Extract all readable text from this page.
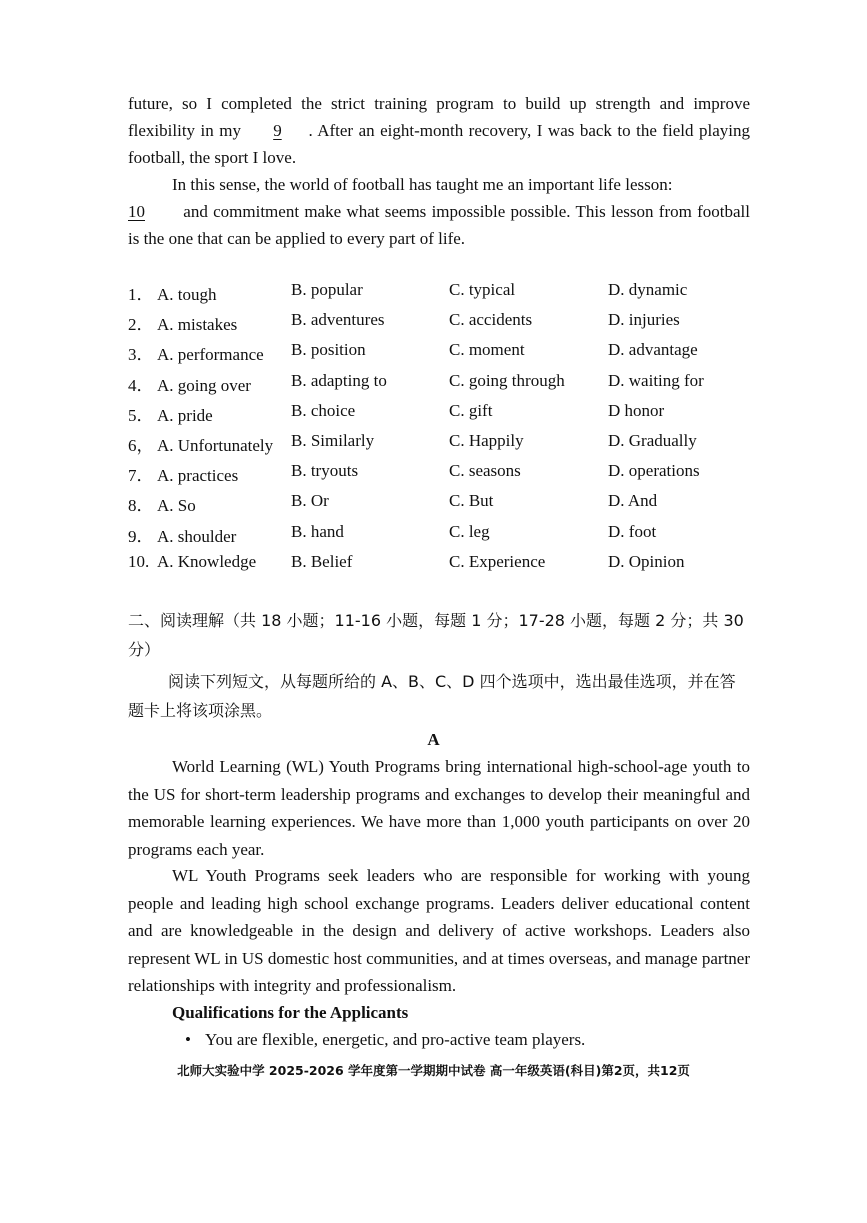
future, so I completed the strict training program to build up strength and improve flexibility in my 9 . After an eight-month recovery, I was back to the field playing football, the sport I love.

In this sense, the world of football has taught me an important life lesson:

10 and commitment make what seems impossible possible. This lesson from football is the one that can be applied to every part of life.

1． A. tough	B. popular	C. typical	D. dynamic
2． A. mistakes	B. adventures	C. accidents	D. injuries
3． A. performance B. position	C. moment	D. advantage
4． A. going over B. adapting to	C. going through	D. waiting for
5． A. pride	B. choice	C. gift	D honor
6， A. Unfortunately B. Similarly	C. Happily	D. Gradually
7． A. practices	B. tryouts	C. seasons	D. operations
8． A. So	B. Or	C. But	D. And
9． A. shoulder	B. hand	C. leg	D. foot
10. A. Knowledge B. Belief	C. Experience	D. Opinion
二、阅读理解（共 18 小题；11-16 小题，每题 1 分；17-28 小题，每题 2 分；共 30 分）
阅读下列短文，从每题所给的 A、B、C、D 四个选项中，选出最佳选项，并在答题卡上将该项涂黑。
A

World Learning (WL) Youth Programs bring international high-school-age youth to the US for short-term leadership programs and exchanges to develop their meaningful and memorable learning experiences. We have more than 1,000 youth participants on over 20 programs each year.

WL Youth Programs seek leaders who are responsible for working with young people and leading high school exchange programs. Leaders deliver educational content and are knowledgeable in the design and delivery of active workshops. Leaders also represent WL in US domestic host communities, and at times overseas, and manage partner relationships with integrity and professionalism.

Qualifications for the Applicants
• You are flexible, energetic, and pro-active team players.
北师大实验中学 2025-2026 学年度第一学期期中试卷 高一年级英语(科目)第2页，共12页
